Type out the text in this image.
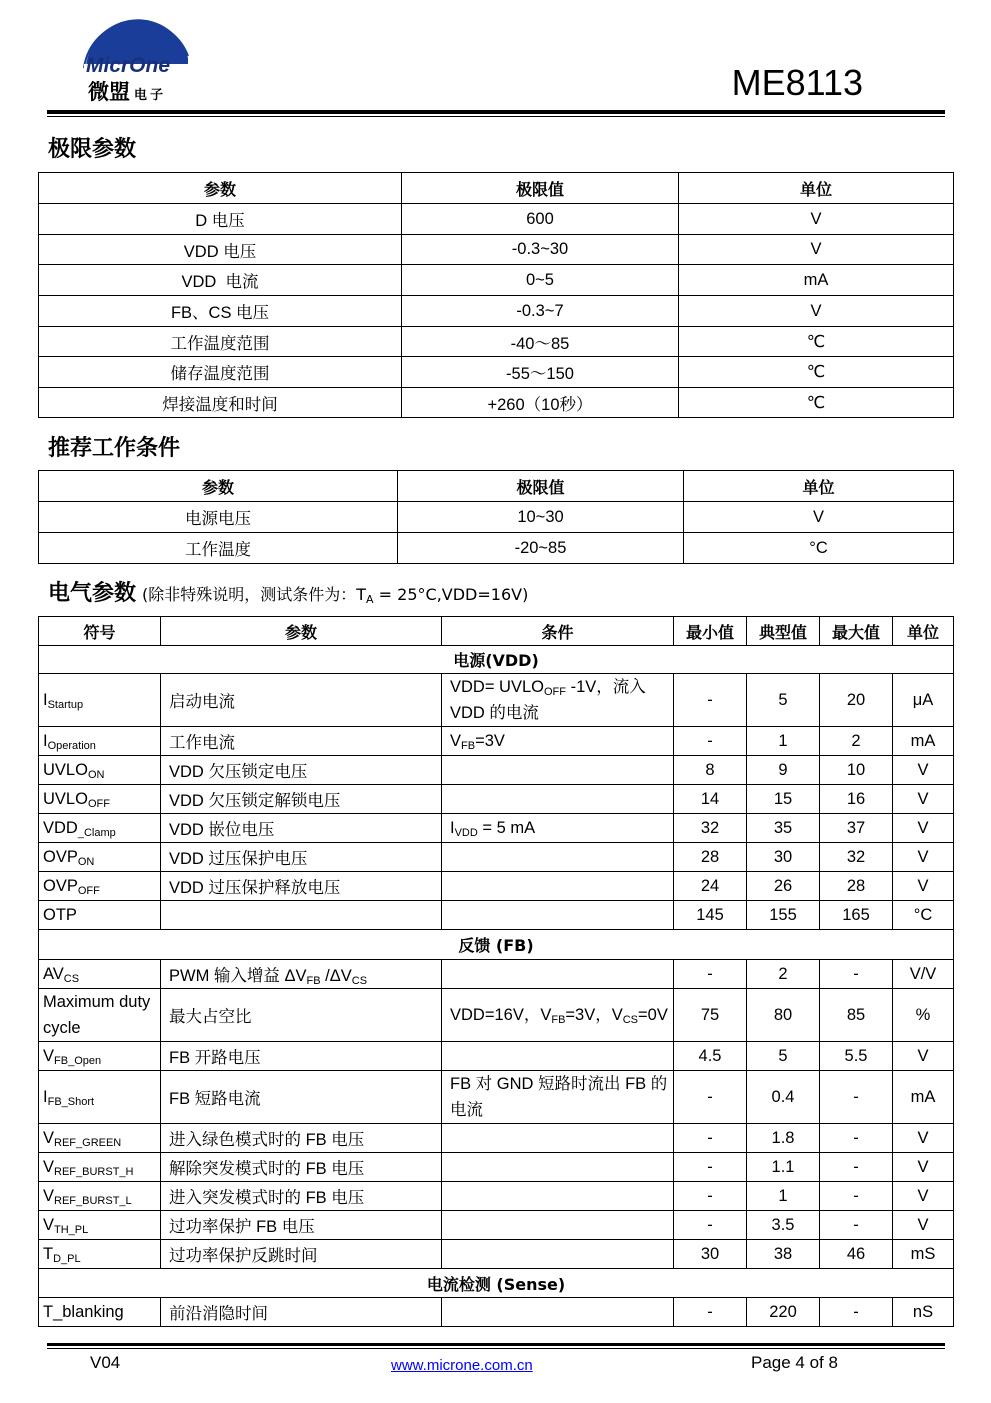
MicrOne
微盟 电子	ME8113
极限参数
参数	极限值	单位
D 电压	600	V
VDD 电压	-0.3~30	V
VDD  电流	0~5	mA
FB、CS 电压	-0.3~7	V
工作温度范围	-40～85	℃
储存温度范围	-55～150	℃
焊接温度和时间	+260（10秒）	℃
推荐工作条件
参数	极限值	单位
电源电压	10~30	V
工作温度	-20~85	°C
电气参数 (除非特殊说明，测试条件为：$T_A = 25^\circ C,VDD=16V$)
符号	参数	条件	最小值	典型值	最大值	单位
电源(VDD)						
$I_{Startup}$	启动电流	$VDD= UVLO_{OFF}$ -1V，流入 VDD 的电流	-	5	20	μA
$I_{Operation}$	工作电流	$V_{FB}=3V$	-	1	2	mA
$UVLO_{ON}$	VDD 欠压锁定电压		8	9	10	V
$UVLO_{OFF}$	VDD 欠压锁定解锁电压		14	15	16	V
$VDD_{\_Clamp}$	VDD 嵌位电压	$I_{VDD} = 5$ mA	32	35	37	V
$OVP_{ON}$	VDD 过压保护电压		28	30	32	V
$OVP_{OFF}$	VDD 过压保护释放电压		24	26	28	V
OTP			145	155	165	°C
反馈 (FB)						
$AV_{CS}$	PWM 输入增益 $\Delta V_{FB}$ $/\Delta V_{CS}$		-	2	-	V/V
Maximum duty cycle	最大占空比	VDD=16V，$V_{FB}=3V$，$V_{CS}=0V$	75	80	85	%
$V_{FB\_Open}$	FB 开路电压		4.5	5	5.5	V
$I_{FB\_Short}$	FB 短路电流	FB 对 GND 短路时流出 FB 的电流	-	0.4	-	mA
$V_{REF\_GREEN}$	进入绿色模式时的 FB 电压		-	1.8	-	V
$V_{REF\_BURST\_H}$	解除突发模式时的 FB 电压		-	1.1	-	V
$V_{REF\_BURST\_L}$	进入突发模式时的 FB 电压		-	1	-	V
$V_{TH\_PL}$	过功率保护 FB 电压		-	3.5	-	V
$T_{D\_PL}$	过功率保护反跳时间		30	38	46	mS
电流检测 (Sense)						
T_blanking	前沿消隐时间		-	220	-	nS
V04	www.microne.com.cn	Page 4 of 8
